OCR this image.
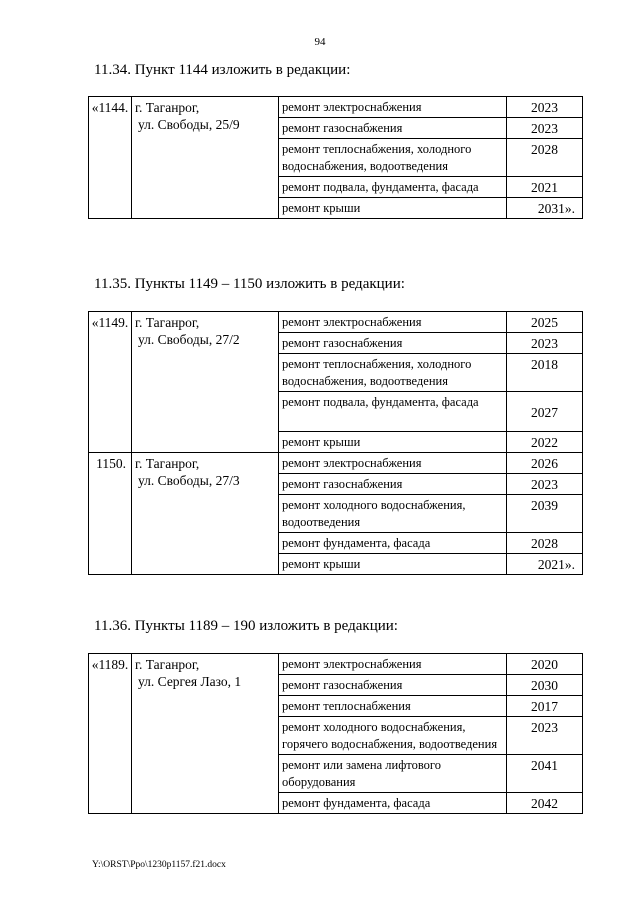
94
11.34. Пункт 1144 изложить в редакции:
«1144.	г. Таганрог,
ул. Свободы, 25/9	ремонт электроснабжения	2023
		ремонт газоснабжения	2023
		ремонт теплоснабжения, холодного водоснабжения, водоотведения	2028
		ремонт подвала, фундамента, фасада	2021
		ремонт крыши	2031».
11.35. Пункты 1149 – 1150 изложить в редакции:
«1149.	г. Таганрог,
ул. Свободы, 27/2	ремонт электроснабжения	2025
		ремонт газоснабжения	2023
		ремонт теплоснабжения, холодного водоснабжения, водоотведения	2018
		ремонт подвала, фундамента, фасада	2027
		ремонт крыши	2022
1150.	г. Таганрог,
ул. Свободы, 27/3	ремонт электроснабжения	2026
		ремонт газоснабжения	2023
		ремонт холодного водоснабжения, водоотведения	2039
		ремонт фундамента, фасада	2028
		ремонт крыши	2021».
11.36. Пункты 1189 – 190 изложить в редакции:
«1189.	г. Таганрог,
ул. Сергея Лазо, 1	ремонт электроснабжения	2020
		ремонт газоснабжения	2030
		ремонт теплоснабжения	2017
		ремонт холодного водоснабжения, горячего водоснабжения, водоотведения	2023
		ремонт или замена лифтового оборудования	2041
		ремонт фундамента, фасада	2042
Y:\ORST\Ppo\1230p1157.f21.docx
